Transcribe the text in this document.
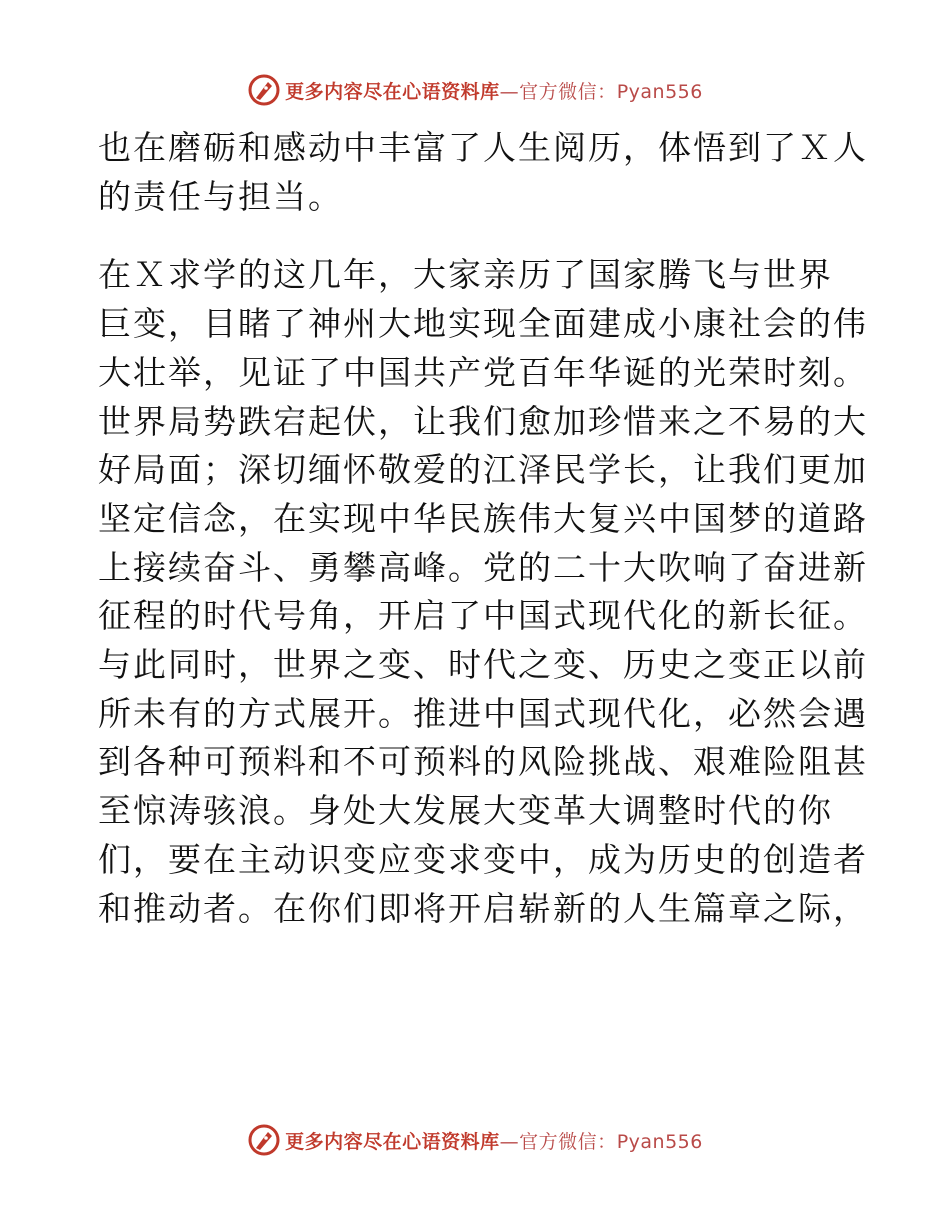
更多内容尽在心语资料库—官方微信：Pyan556

也在磨砺和感动中丰富了人生阅历，体悟到了Ｘ人
的责任与担当。

在Ｘ求学的这几年，大家亲历了国家腾飞与世界
巨变，目睹了神州大地实现全面建成小康社会的伟
大壮举，见证了中国共产党百年华诞的光荣时刻。
世界局势跌宕起伏，让我们愈加珍惜来之不易的大
好局面；深切缅怀敬爱的江泽民学长，让我们更加
坚定信念，在实现中华民族伟大复兴中国梦的道路
上接续奋斗、勇攀高峰。党的二十大吹响了奋进新
征程的时代号角，开启了中国式现代化的新长征。
与此同时，世界之变、时代之变、历史之变正以前
所未有的方式展开。推进中国式现代化，必然会遇
到各种可预料和不可预料的风险挑战、艰难险阻甚
至惊涛骇浪。身处大发展大变革大调整时代的你
们，要在主动识变应变求变中，成为历史的创造者
和推动者。在你们即将开启崭新的人生篇章之际，

更多内容尽在心语资料库—官方微信：Pyan556
